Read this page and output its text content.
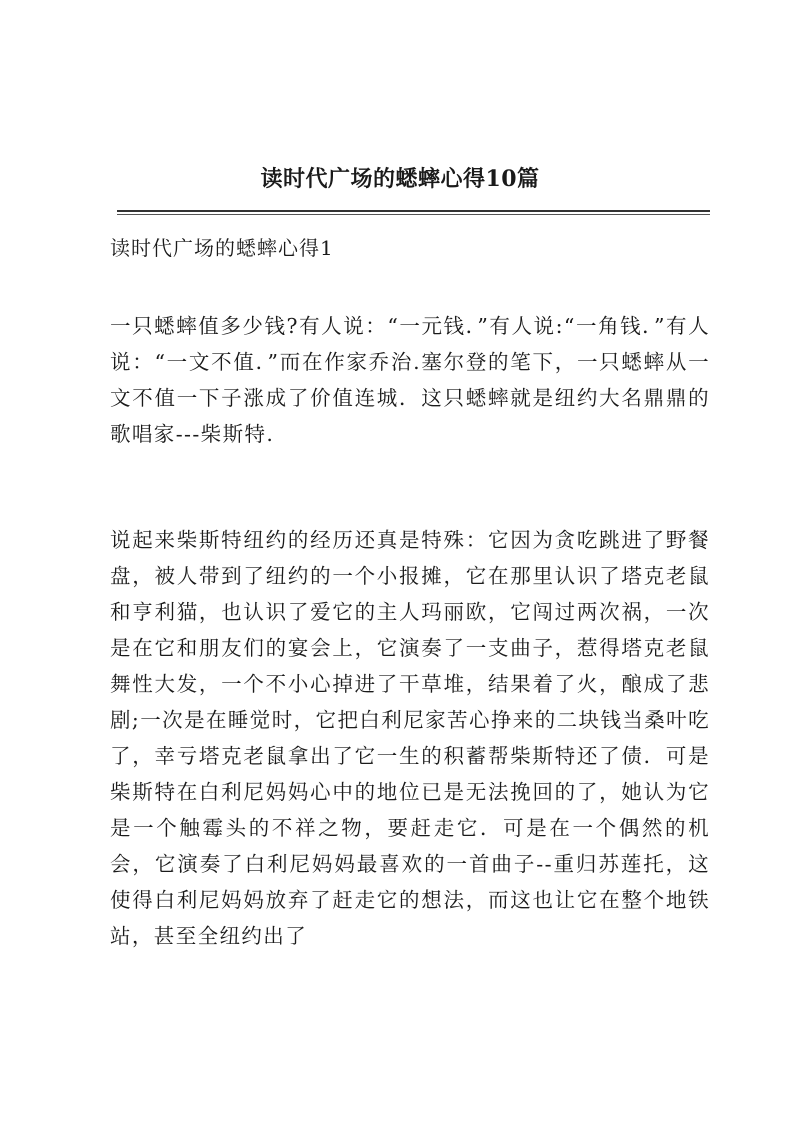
读时代广场的蟋蟀心得10篇
读时代广场的蟋蟀心得1

一只蟋蟀值多少钱?有人说：“一元钱．”有人说:“一角钱．”有人说：“一文不值．”而在作家乔治.塞尔登的笔下，一只蟋蟀从一文不值一下子涨成了价值连城．这只蟋蟀就是纽约大名鼎鼎的歌唱家---柴斯特.

说起来柴斯特纽约的经历还真是特殊：它因为贪吃跳进了野餐盘，被人带到了纽约的一个小报摊，它在那里认识了塔克老鼠和亨利猫，也认识了爱它的主人玛丽欧，它闯过两次祸，一次是在它和朋友们的宴会上，它演奏了一支曲子，惹得塔克老鼠舞性大发，一个不小心掉进了干草堆，结果着了火，酿成了悲剧;一次是在睡觉时，它把白利尼家苦心挣来的二块钱当桑叶吃了，幸亏塔克老鼠拿出了它一生的积蓄帮柴斯特还了债．可是柴斯特在白利尼妈妈心中的地位已是无法挽回的了，她认为它是一个触霉头的不祥之物，要赶走它．可是在一个偶然的机会，它演奏了白利尼妈妈最喜欢的一首曲子--重归苏莲托，这使得白利尼妈妈放弃了赶走它的想法，而这也让它在整个地铁站，甚至全纽约出了
